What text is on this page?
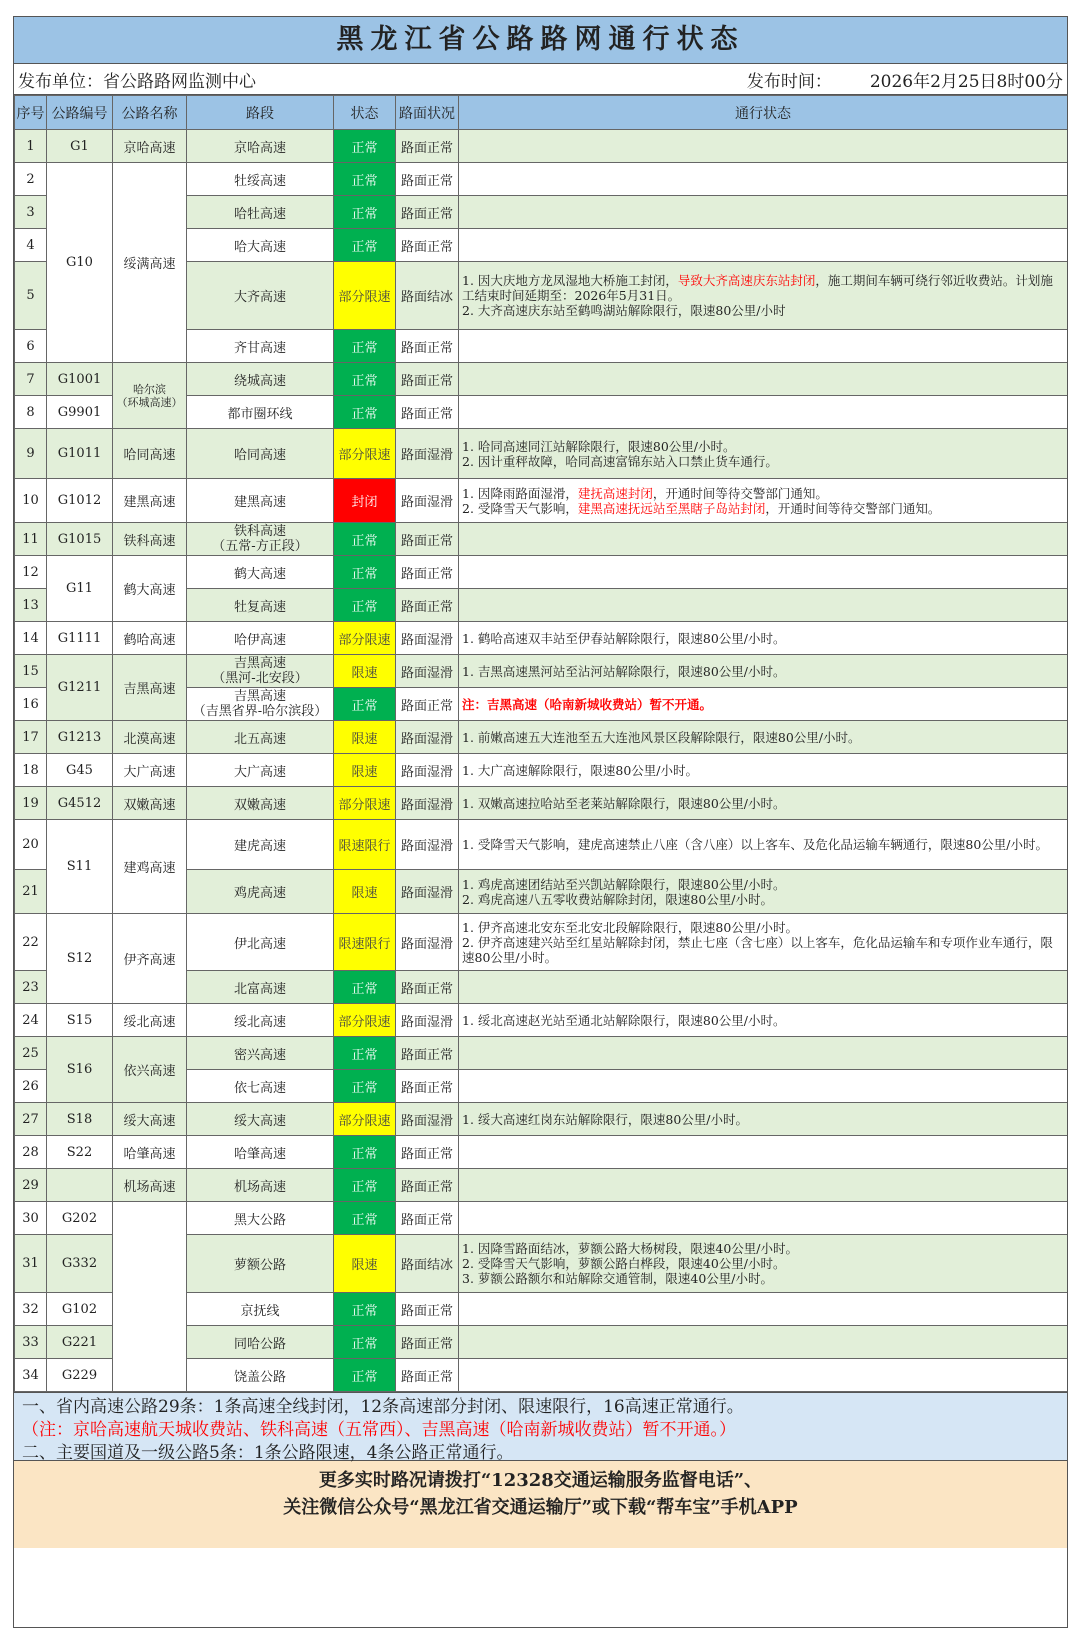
黑龙江省公路路网通行状态
发布单位： 省公路路网监测中心	发布时间： 2026年2月25日8时00分
序号	公路编号	公路名称	路段	状态	路面状况	通行状态
1	G1	京哈高速	京哈高速	正常	路面正常	
2	G10	绥满高速	牡绥高速	正常	路面正常	
3			哈牡高速	正常	路面正常	
4			哈大高速	正常	路面正常	
5			大齐高速	部分限速	路面结冰	1. 因大庆地方龙凤湿地大桥施工封闭，导致大齐高速庆东站封闭，施工期间车辆可绕行邻近收费站。计划施工结束时间延期至：2026年5月31日。
2. 大齐高速庆东站至鹤鸣湖站解除限行，限速80公里/小时
6			齐甘高速	正常	路面正常	
7	G1001	哈尔滨
（环城高速）	绕城高速	正常	路面正常	
8	G9901		都市圈环线	正常	路面正常	
9	G1011	哈同高速	哈同高速	部分限速	路面湿滑	1. 哈同高速同江站解除限行，限速80公里/小时。
2. 因计重秤故障，哈同高速富锦东站入口禁止货车通行。
10	G1012	建黑高速	建黑高速	封闭	路面湿滑	1. 因降雨路面湿滑，建抚高速封闭，开通时间等待交警部门通知。
2. 受降雪天气影响，建黑高速抚远站至黑瞎子岛站封闭，开通时间等待交警部门通知。
11	G1015	铁科高速	铁科高速
（五常-方正段）	正常	路面正常	
12	G11	鹤大高速	鹤大高速	正常	路面正常	
13			牡复高速	正常	路面正常	
14	G1111	鹤哈高速	哈伊高速	部分限速	路面湿滑	1. 鹤哈高速双丰站至伊春站解除限行，限速80公里/小时。
15	G1211	吉黑高速	吉黑高速
（黑河-北安段）	限速	路面湿滑	1. 吉黑高速黑河站至沾河站解除限行，限速80公里/小时。
16			吉黑高速
（吉黑省界-哈尔滨段）	正常	路面正常	注：吉黑高速（哈南新城收费站）暂不开通。
17	G1213	北漠高速	北五高速	限速	路面湿滑	1. 前嫩高速五大连池至五大连池风景区段解除限行，限速80公里/小时。
18	G45	大广高速	大广高速	限速	路面湿滑	1. 大广高速解除限行，限速80公里/小时。
19	G4512	双嫩高速	双嫩高速	部分限速	路面湿滑	1. 双嫩高速拉哈站至老莱站解除限行，限速80公里/小时。
20	S11	建鸡高速	建虎高速	限速限行	路面湿滑	1. 受降雪天气影响，建虎高速禁止八座（含八座）以上客车、及危化品运输车辆通行，限速80公里/小时。
21			鸡虎高速	限速	路面湿滑	1. 鸡虎高速团结站至兴凯站解除限行，限速80公里/小时。
2. 鸡虎高速八五零收费站解除封闭，限速80公里/小时。
22	S12	伊齐高速	伊北高速	限速限行	路面湿滑	1. 伊齐高速北安东至北安北段解除限行，限速80公里/小时。
2. 伊齐高速建兴站至红星站解除封闭，禁止七座（含七座）以上客车，危化品运输车和专项作业车通行，限速80公里/小时。
23			北富高速	正常	路面正常	
24	S15	绥北高速	绥北高速	部分限速	路面湿滑	1. 绥北高速赵光站至通北站解除限行，限速80公里/小时。
25	S16	依兴高速	密兴高速	正常	路面正常	
26			依七高速	正常	路面正常	
27	S18	绥大高速	绥大高速	部分限速	路面湿滑	1. 绥大高速红岗东站解除限行，限速80公里/小时。
28	S22	哈肇高速	哈肇高速	正常	路面正常	
29		机场高速	机场高速	正常	路面正常	
30	G202		黑大公路	正常	路面正常	
31	G332		萝额公路	限速	路面结冰	1. 因降雪路面结冰，萝额公路大杨树段，限速40公里/小时。
2. 受降雪天气影响，萝额公路白桦段，限速40公里/小时。
3. 萝额公路额尔和站解除交通管制，限速40公里/小时。
32	G102		京抚线	正常	路面正常	
33	G221		同哈公路	正常	路面正常	
34	G229		饶盖公路	正常	路面正常	
一、省内高速公路29条：1条高速全线封闭，12条高速部分封闭、限速限行，16高速正常通行。
（注：京哈高速航天城收费站、铁科高速（五常西）、吉黑高速（哈南新城收费站）暂不开通。）
二、主要国道及一级公路5条：1条公路限速，4条公路正常通行。
更多实时路况请拨打“12328交通运输服务监督电话”、
关注微信公众号“黑龙江省交通运输厅”或下载“帮车宝”手机APP
